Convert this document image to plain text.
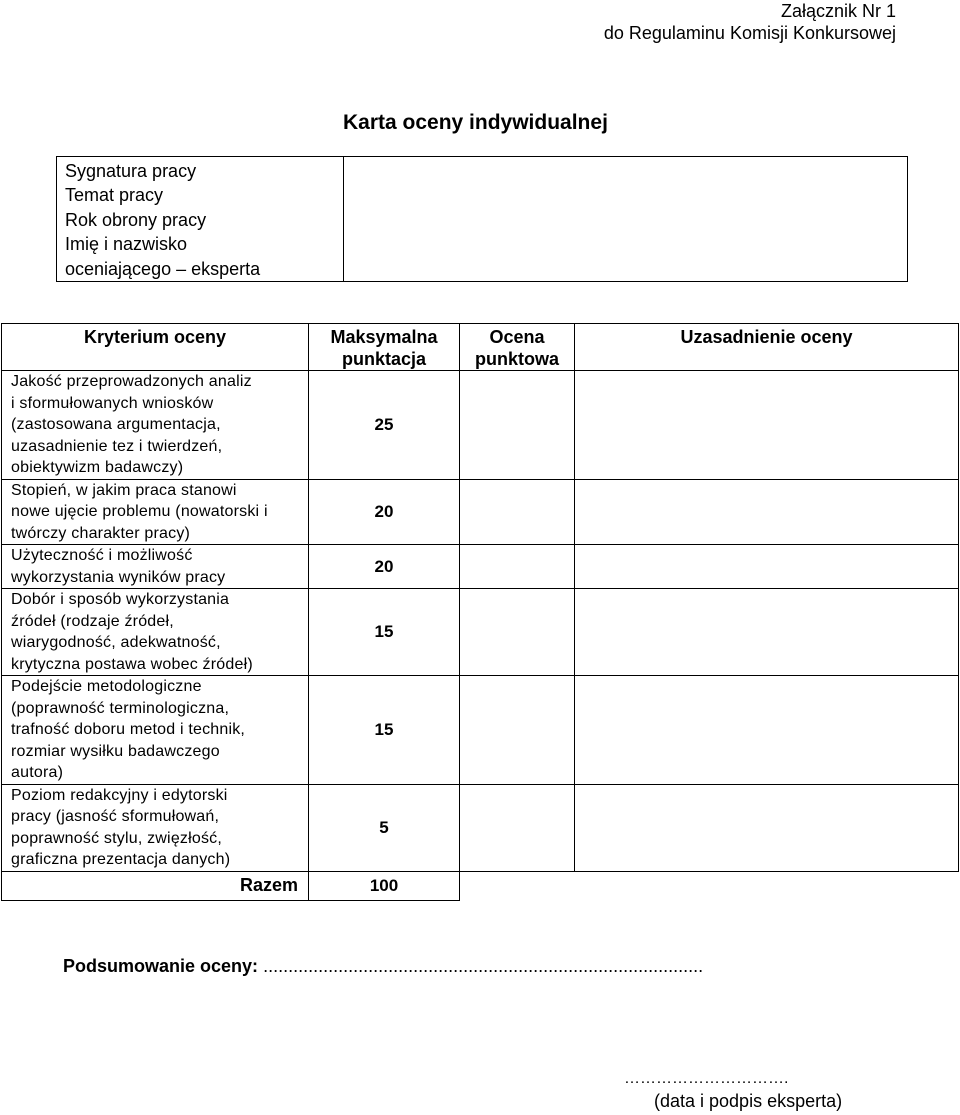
Załącznik Nr 1
do Regulaminu Komisji Konkursowej
Karta oceny indywidualnej
Sygnatura pracy
Temat pracy
Rok obrony pracy
Imię i nazwisko
oceniającego – eksperta

Kryterium oceny	Maksymalna punktacja	Ocena punktowa	Uzasadnienie oceny

Jakość przeprowadzonych analiz
i sformułowanych wniosków
(zastosowana argumentacja,
uzasadnienie tez i twierdzeń,
obiektywizm badawczy)	25		

Stopień, w jakim praca stanowi
nowe ujęcie problemu (nowatorski i
twórczy charakter pracy)	20		

Użyteczność i możliwość
wykorzystania wyników pracy	20		

Dobór i sposób wykorzystania
źródeł (rodzaje źródeł,
wiarygodność, adekwatność,
krytyczna postawa wobec źródeł)	15		

Podejście metodologiczne
(poprawność terminologiczna,
trafność doboru metod i technik,
rozmiar wysiłku badawczego
autora)	15		

Poziom redakcyjny i edytorski
pracy (jasność sformułowań,
poprawność stylu, zwięzłość,
graficzna prezentacja danych)	5		
Razem	100		
Podsumowanie oceny: ........................................................................................
………………………….
(data i podpis eksperta)
